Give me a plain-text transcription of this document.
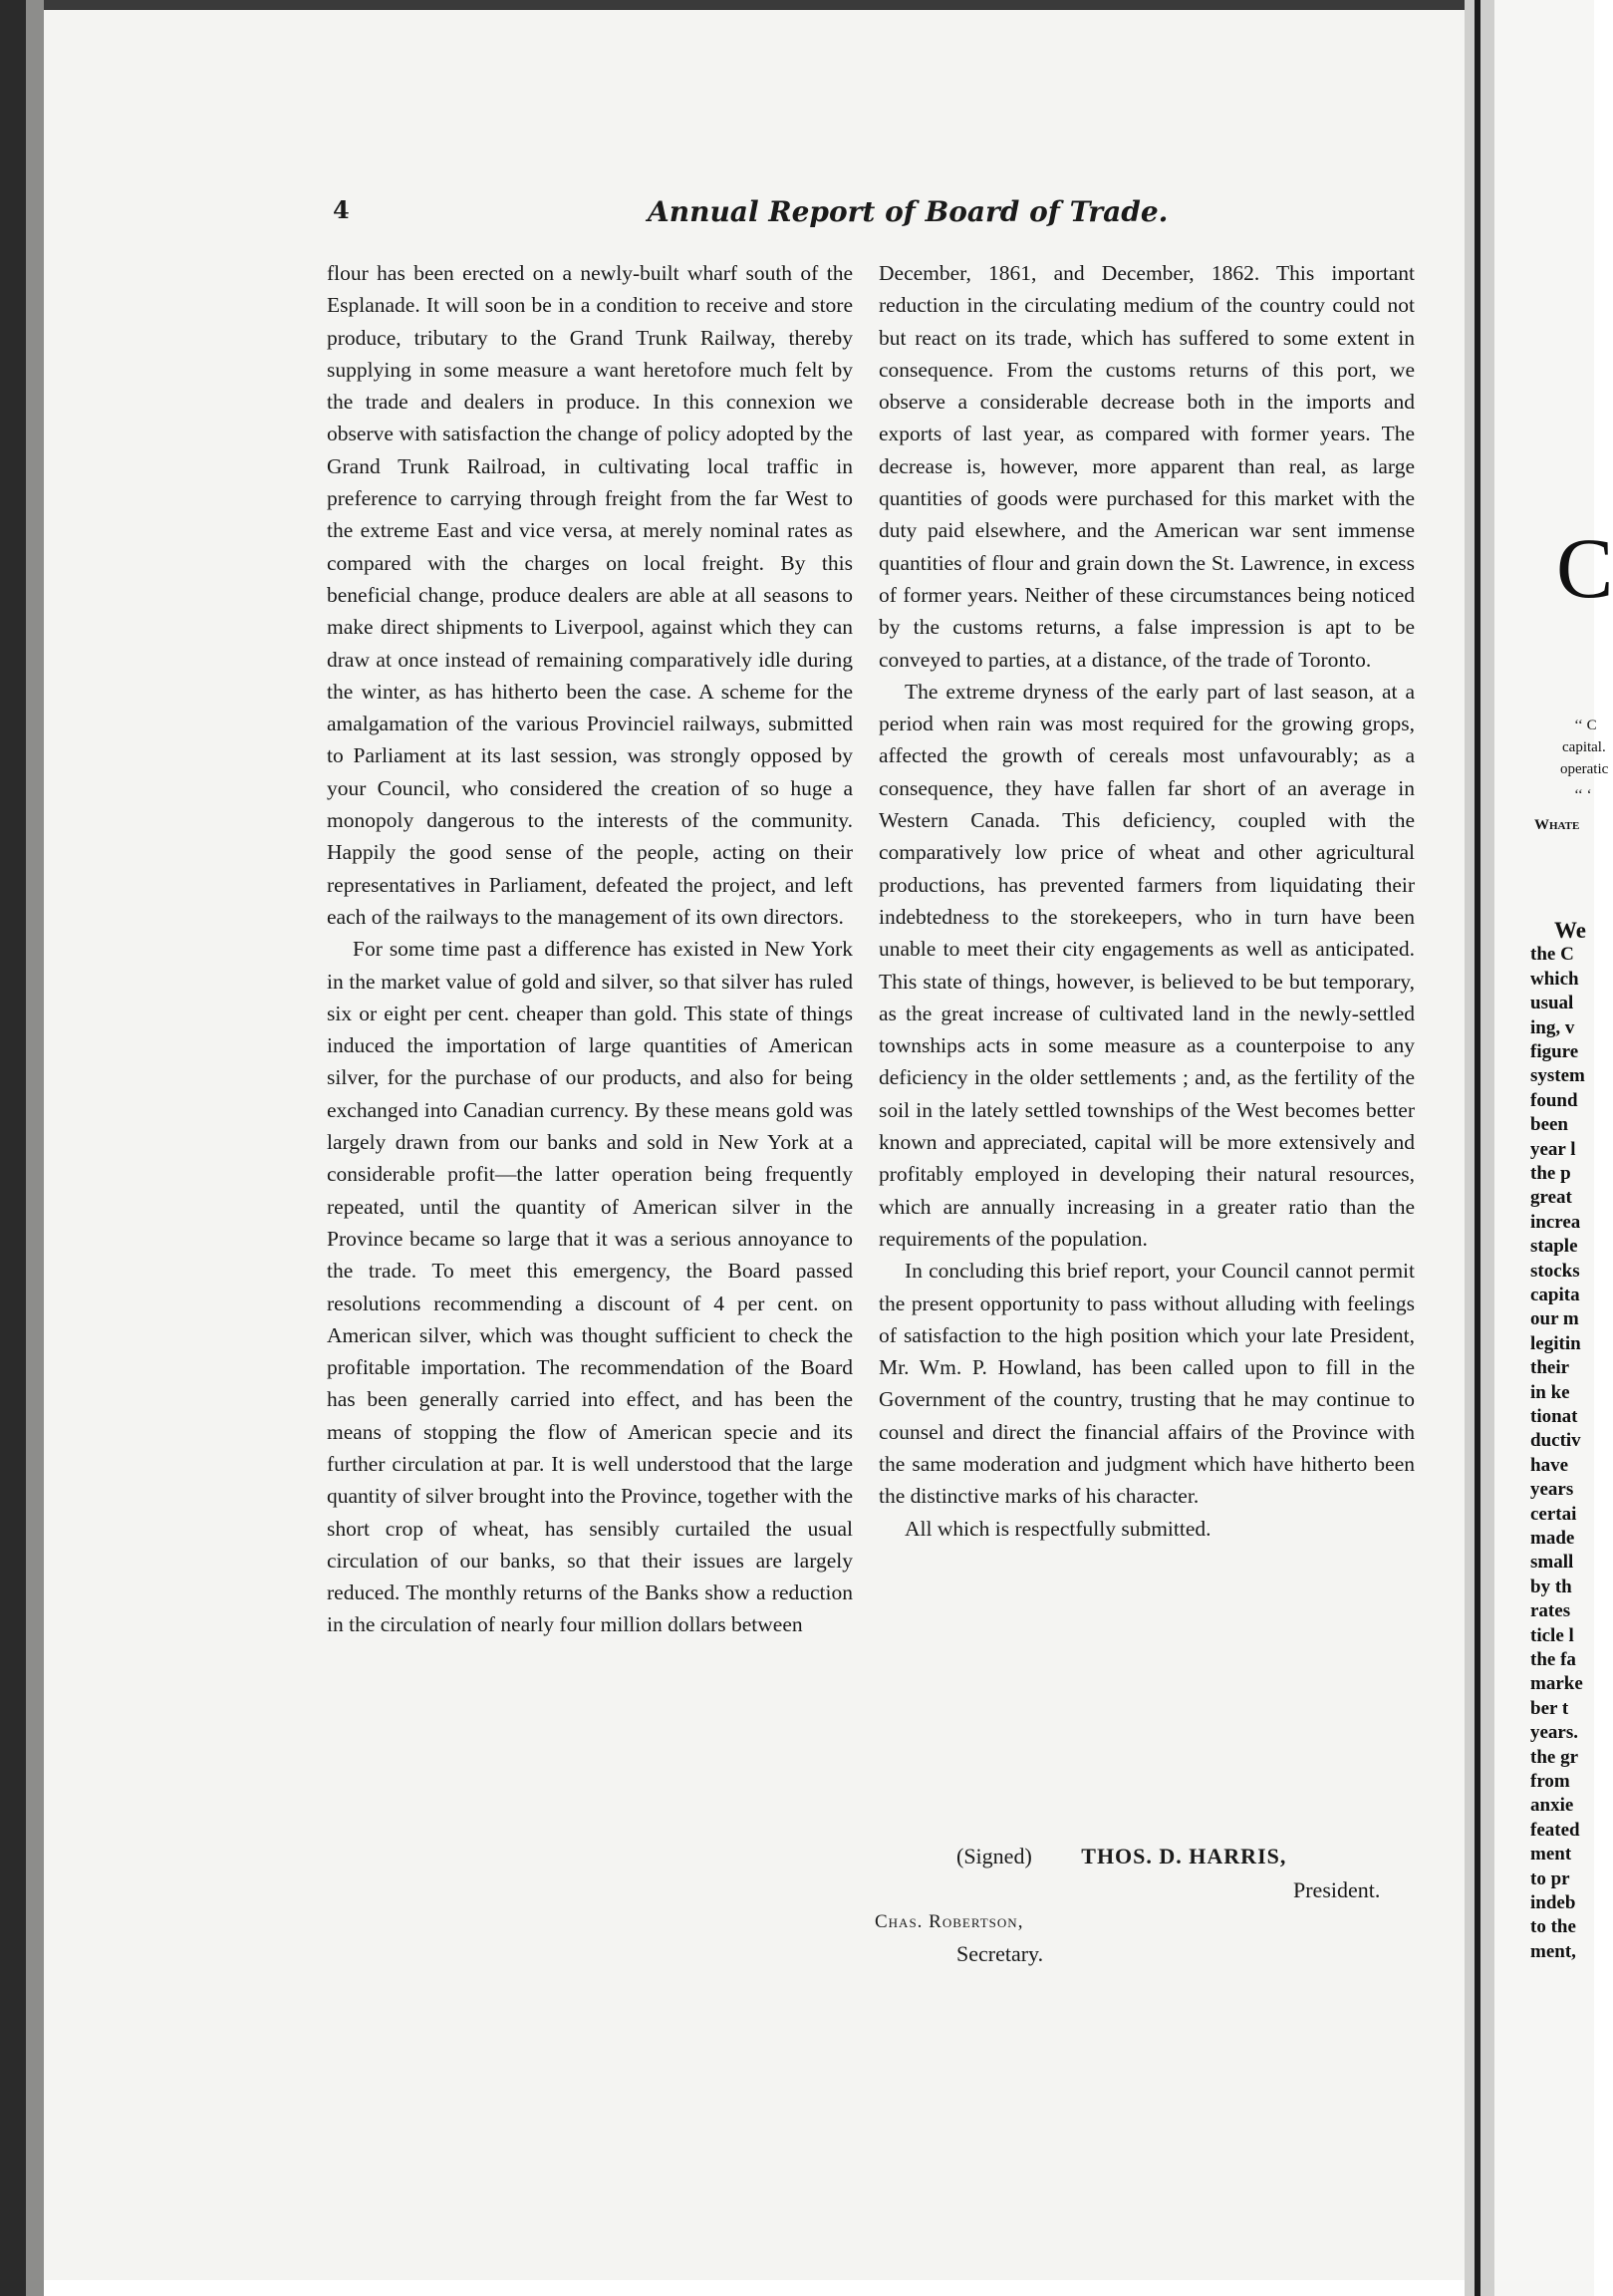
4	Annual Report of Board of Trade.

flour has been erected on a newly-built wharf south of the Esplanade. It will soon be in a condition to receive and store produce, tributary to the Grand Trunk Railway, thereby supplying in some measure a want heretofore much felt by the trade and dealers in produce. In this connexion we observe with satisfaction the change of policy adopted by the Grand Trunk Railroad, in cultivating local traffic in preference to carrying through freight from the far West to the extreme East and vice versa, at merely nominal rates as compared with the charges on local freight. By this beneficial change, produce dealers are able at all seasons to make direct shipments to Liverpool, against which they can draw at once instead of remaining comparatively idle during the winter, as has hitherto been the case. A scheme for the amalgamation of the various Provinciel railways, submitted to Parliament at its last session, was strongly opposed by your Council, who considered the creation of so huge a monopoly dangerous to the interests of the community. Happily the good sense of the people, acting on their representatives in Parliament, defeated the project, and left each of the railways to the management of its own directors.

For some time past a difference has existed in New York in the market value of gold and silver, so that silver has ruled six or eight per cent. cheaper than gold. This state of things induced the importation of large quantities of American silver, for the purchase of our products, and also for being exchanged into Canadian currency. By these means gold was largely drawn from our banks and sold in New York at a considerable profit—the latter operation being frequently repeated, until the quantity of American silver in the Province became so large that it was a serious annoyance to the trade. To meet this emergency, the Board passed resolutions recommending a discount of 4 per cent. on American silver, which was thought sufficient to check the profitable importation. The recommendation of the Board has been generally carried into effect, and has been the means of stopping the flow of American specie and its further circulation at par. It is well understood that the large quantity of silver brought into the Province, together with the short crop of wheat, has sensibly curtailed the usual circulation of our banks, so that their issues are largely reduced. The monthly returns of the Banks show a reduction in the circulation of nearly four million dollars between

December, 1861, and December, 1862. This important reduction in the circulating medium of the country could not but react on its trade, which has suffered to some extent in consequence. From the customs returns of this port, we observe a considerable decrease both in the imports and exports of last year, as compared with former years. The decrease is, however, more apparent than real, as large quantities of goods were purchased for this market with the duty paid elsewhere, and the American war sent immense quantities of flour and grain down the St. Lawrence, in excess of former years. Neither of these circumstances being noticed by the customs returns, a false impression is apt to be conveyed to parties, at a distance, of the trade of Toronto.

The extreme dryness of the early part of last season, at a period when rain was most required for the growing grops, affected the growth of cereals most unfavourably; as a consequence, they have fallen far short of an average in Western Canada. This deficiency, coupled with the comparatively low price of wheat and other agricultural productions, has prevented farmers from liquidating their indebtedness to the storekeepers, who in turn have been unable to meet their city engagements as well as anticipated. This state of things, however, is believed to be but temporary, as the great increase of cultivated land in the newly-settled townships acts in some measure as a counterpoise to any deficiency in the older settlements ; and, as the fertility of the soil in the lately settled townships of the West becomes better known and appreciated, capital will be more extensively and profitably employed in developing their natural resources, which are annually increasing in a greater ratio than the requirements of the population.

In concluding this brief report, your Council cannot permit the present opportunity to pass without alluding with feelings of satisfaction to the high position which your late President, Mr. Wm. P. Howland, has been called upon to fill in the Government of the country, trusting that he may continue to counsel and direct the financial affairs of the Province with the same moderation and judgment which have hitherto been the distinctive marks of his character.

All which is respectfully submitted.

(Signed) THOS. D. HARRIS,
President.
Chas. Robertson,
Secretary.
C
‘‘ C
capital.
operatic
‘‘ ‘
Whate
We
the C
which
usual
ing, v
figure
system
found
been
year l
the p
great
increa
staple
stocks
capita
our m
legitin
their
in ke
tionat
ductiv
have
years
certai
made
small
by th
rates
ticle l
the fa
marke
ber t
years.
the gr
from
anxie
feated
ment
to pr
indeb
to the
ment,
